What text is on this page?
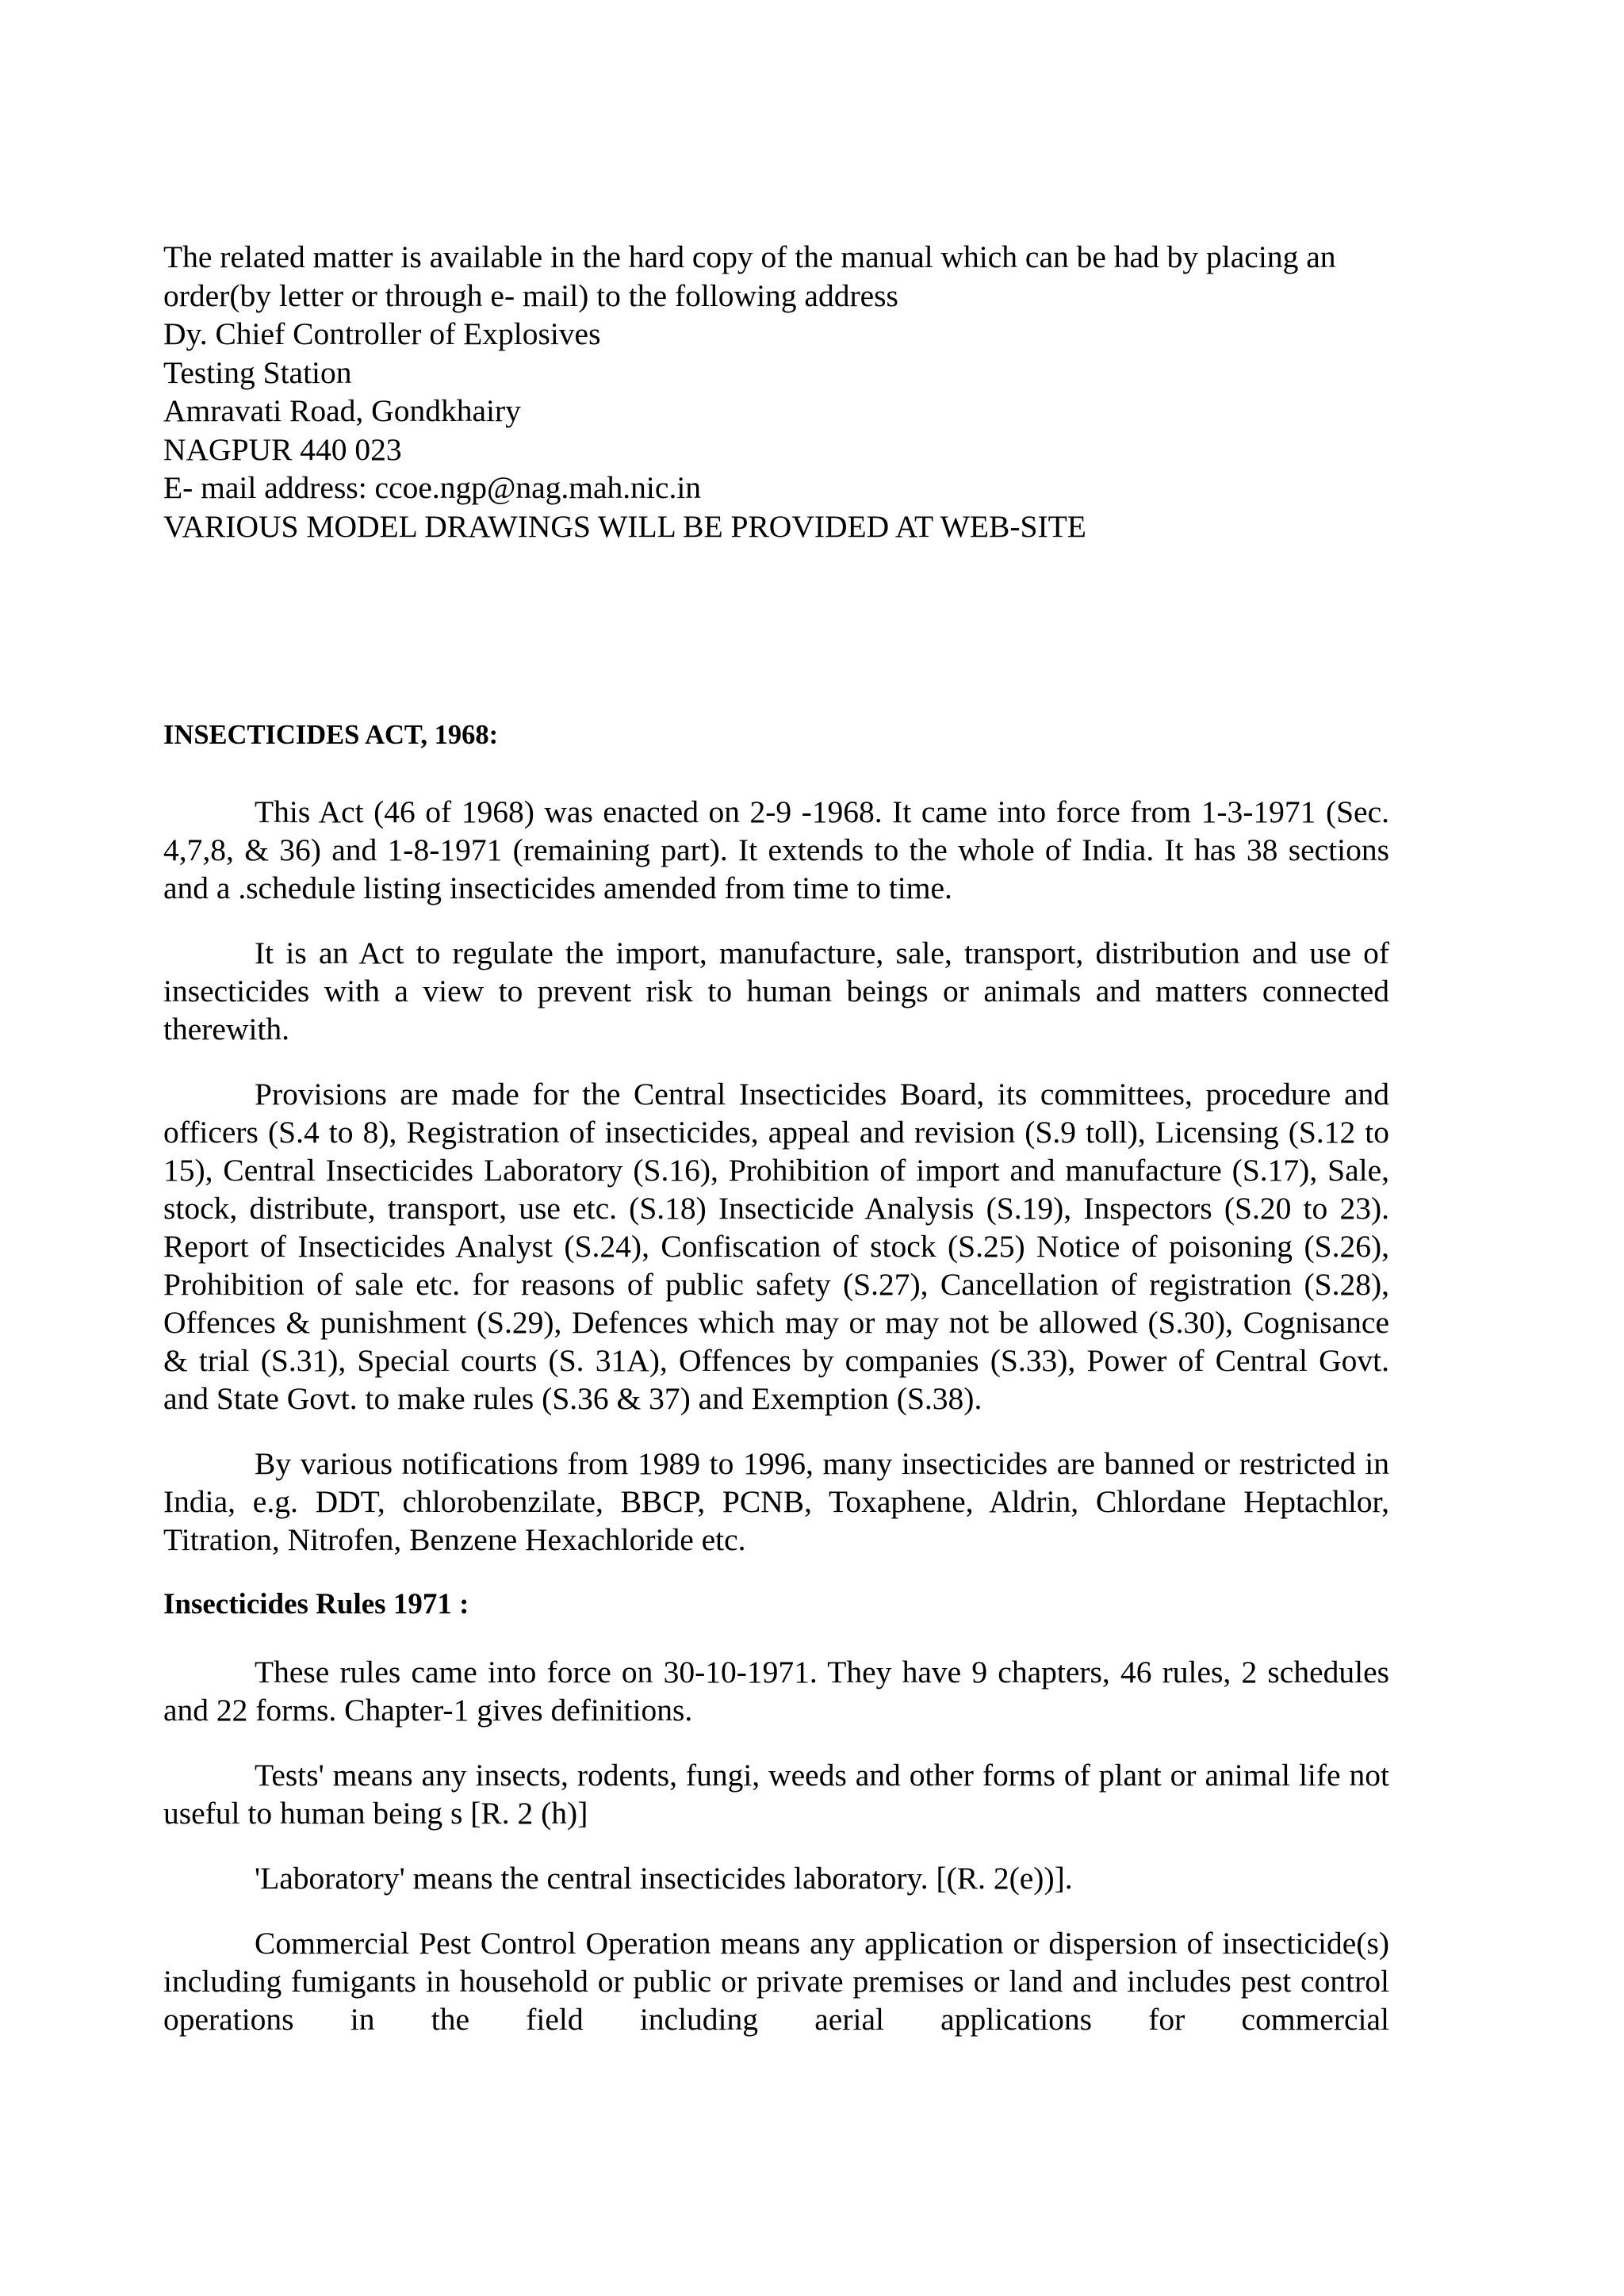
The related matter is available in the hard copy of the manual which can be had by placing an order(by letter or through e- mail) to the following address
Dy. Chief Controller of Explosives
Testing Station
Amravati Road, Gondkhairy
NAGPUR 440 023
E- mail address: ccoe.ngp@nag.mah.nic.in
VARIOUS MODEL DRAWINGS WILL BE PROVIDED AT WEB-SITE
INSECTICIDES ACT, 1968:

This Act (46 of 1968) was enacted on 2-9 -1968. It came into force from 1-3-1971 (Sec. 4,7,8, & 36) and 1-8-1971 (remaining part). It extends to the whole of India. It has 38 sections and a .schedule listing insecticides amended from time to time.

It is an Act to regulate the import, manufacture, sale, transport, distribution and use of insecticides with a view to prevent risk to human beings or animals and matters connected therewith.

Provisions are made for the Central Insecticides Board, its committees, procedure and officers (S.4 to 8), Registration of insecticides, appeal and revision (S.9 toll), Licensing (S.12 to 15), Central Insecticides Laboratory (S.16), Prohibition of import and manufacture (S.17), Sale, stock, distribute, transport, use etc. (S.18) Insecticide Analysis (S.19), Inspectors (S.20 to 23). Report of Insecticides Analyst (S.24), Confiscation of stock (S.25) Notice of poisoning (S.26), Prohibition of sale etc. for reasons of public safety (S.27), Cancellation of registration (S.28), Offences & punishment (S.29), Defences which may or may not be allowed (S.30), Cognisance & trial (S.31), Special courts (S. 31A), Offences by companies (S.33), Power of Central Govt. and State Govt. to make rules (S.36 & 37) and Exemption (S.38).

By various notifications from 1989 to 1996, many insecticides are banned or restricted in India, e.g. DDT, chlorobenzilate, BBCP, PCNB, Toxaphene, Aldrin, Chlordane Heptachlor, Titration, Nitrofen, Benzene Hexachloride etc.

Insecticides Rules 1971 :

These rules came into force on 30-10-1971. They have 9 chapters, 46 rules, 2 schedules and 22 forms. Chapter-1 gives definitions.

Tests' means any insects, rodents, fungi, weeds and other forms of plant or animal life not useful to human being s [R. 2 (h)]

'Laboratory' means the central insecticides laboratory. [(R. 2(e))].

Commercial Pest Control Operation means any application or dispersion of insecticide(s) including fumigants in household or public or private premises or land and includes pest control operations in the field including aerial applications for commercial
